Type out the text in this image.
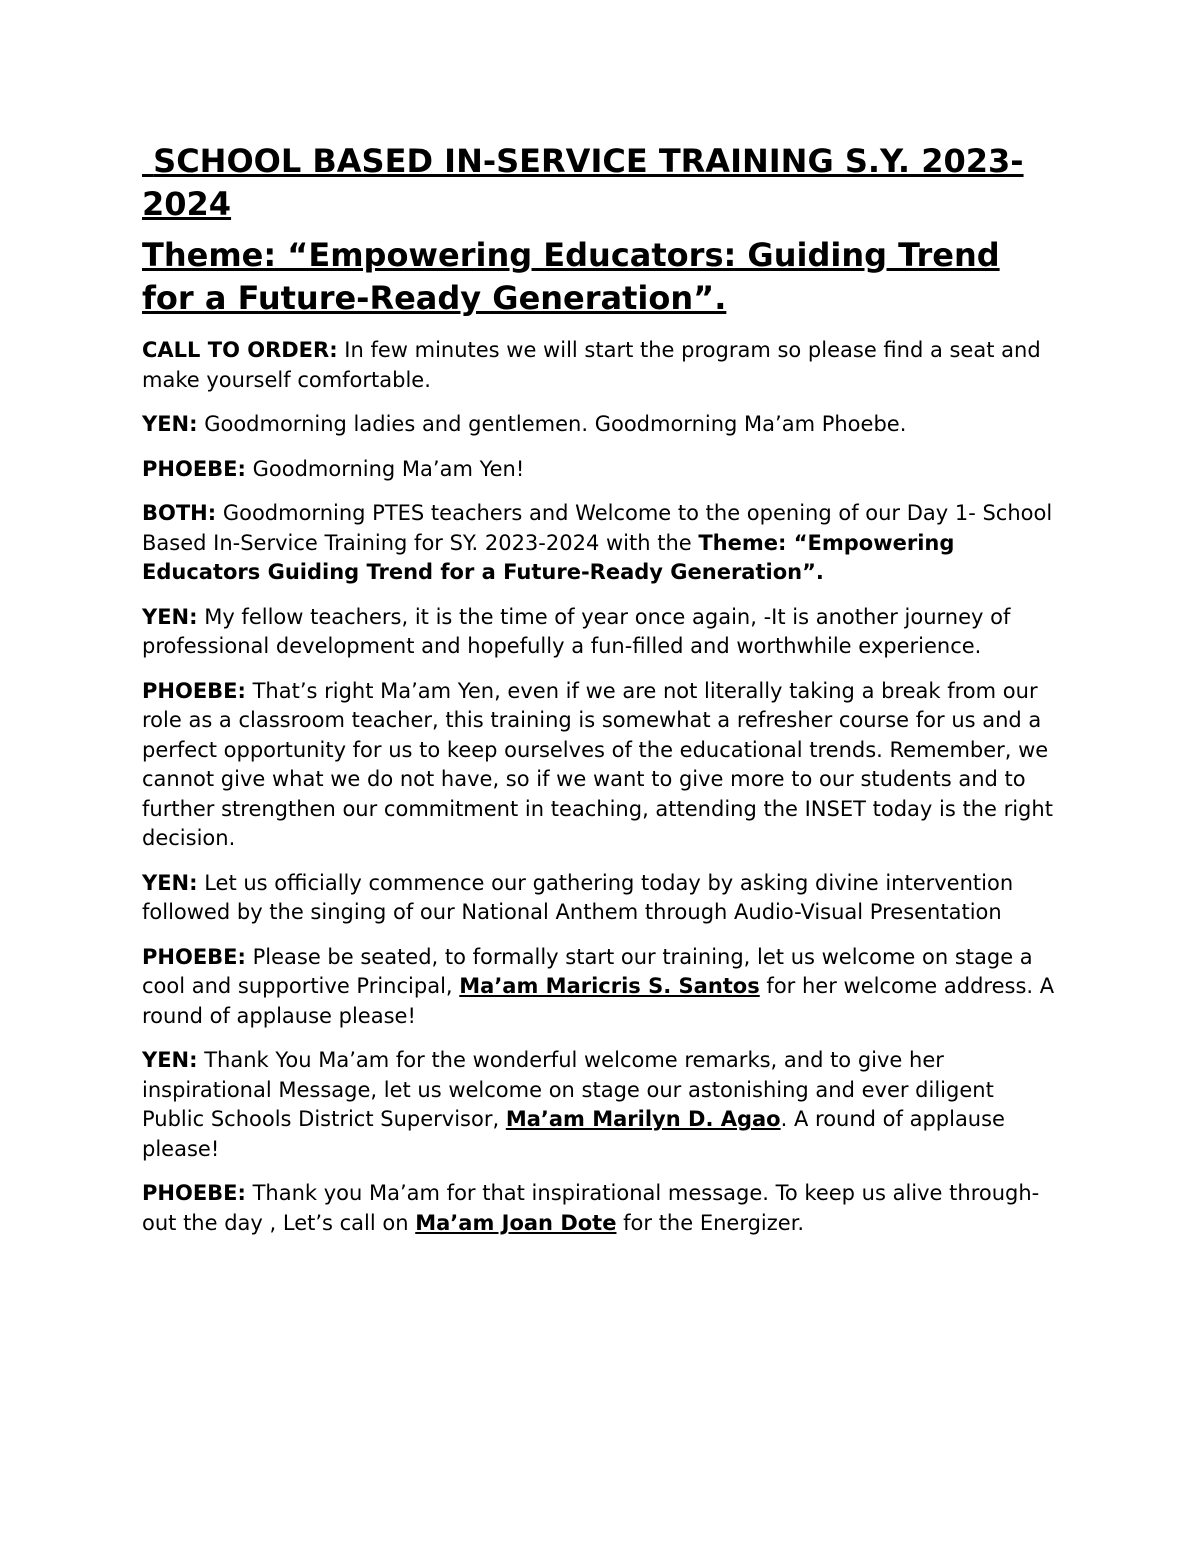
SCHOOL BASED IN-SERVICE TRAINING S.Y. 2023-2024
Theme: “Empowering Educators: Guiding Trend for a Future-Ready Generation”.

CALL TO ORDER: In few minutes we will start the program so please find a seat and make yourself comfortable.

YEN: Goodmorning ladies and gentlemen. Goodmorning Ma’am Phoebe.

PHOEBE: Goodmorning Ma’am Yen!

BOTH: Goodmorning PTES teachers and Welcome to the opening of our Day 1- School Based In-Service Training for SY. 2023-2024 with the Theme: “Empowering Educators Guiding Trend for a Future-Ready Generation”.

YEN: My fellow teachers, it is the time of year once again, -It is another journey of professional development and hopefully a fun-filled and worthwhile experience.

PHOEBE: That’s right Ma’am Yen, even if we are not literally taking a break from our role as a classroom teacher, this training is somewhat a refresher course for us and a perfect opportunity for us to keep ourselves of the educational trends. Remember, we cannot give what we do not have, so if we want to give more to our students and to further strengthen our commitment in teaching, attending the INSET today is the right decision.

YEN: Let us officially commence our gathering today by asking divine intervention followed by the singing of our National Anthem through Audio-Visual Presentation

PHOEBE: Please be seated, to formally start our training, let us welcome on stage a cool and supportive Principal, Ma’am Maricris S. Santos for her welcome address. A round of applause please!

YEN: Thank You Ma’am for the wonderful welcome remarks, and to give her inspirational Message, let us welcome on stage our astonishing and ever diligent Public Schools District Supervisor, Ma’am Marilyn D. Agao. A round of applause please!

PHOEBE: Thank you Ma’am for that inspirational message. To keep us alive through-out the day , Let’s call on Ma’am Joan Dote for the Energizer.
